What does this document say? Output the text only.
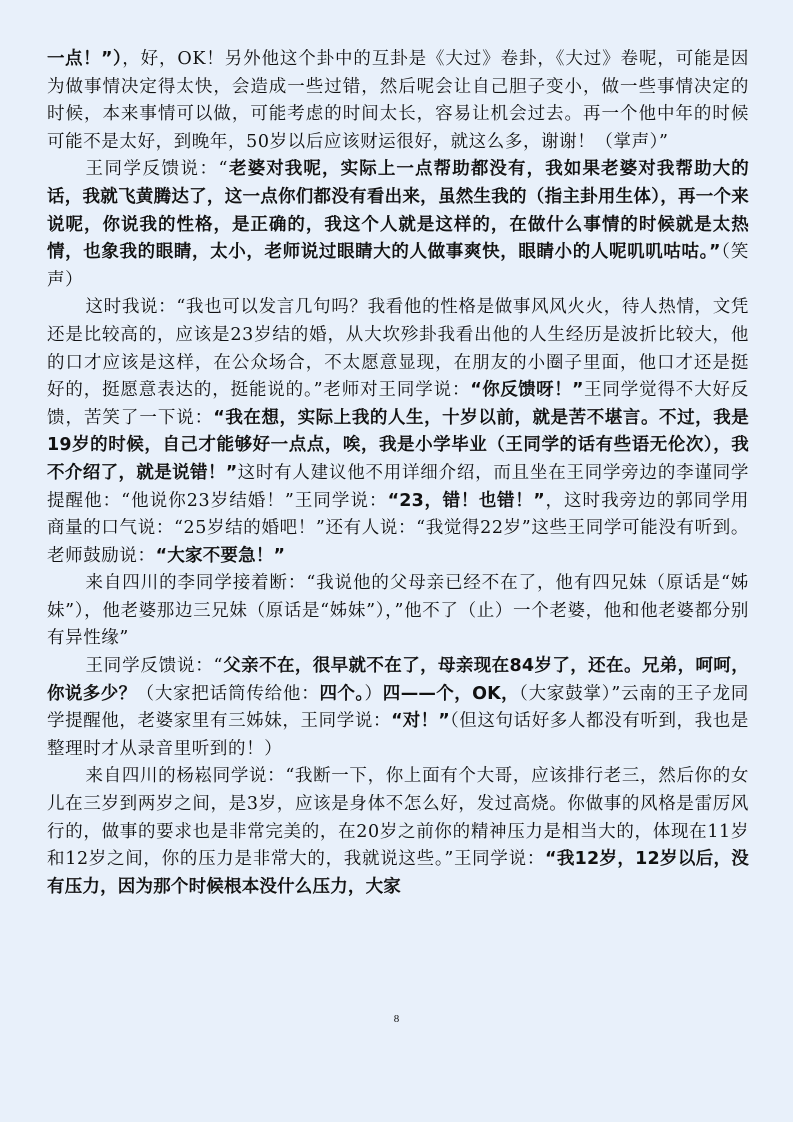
一点！”），好，OK！另外他这个卦中的互卦是《大过》卷卦，《大过》卷呢，可能是因为做事情决定得太快，会造成一些过错，然后呢会让自己胆子变小，做一些事情决定的时候，本来事情可以做，可能考虑的时间太长，容易让机会过去。再一个他中年的时候可能不是太好，到晚年，50岁以后应该财运很好，就这么多，谢谢！（掌声）”

王同学反馈说：“老婆对我呢，实际上一点帮助都没有，我如果老婆对我帮助大的话，我就飞黄腾达了，这一点你们都没有看出来，虽然生我的（指主卦用生体），再一个来说呢，你说我的性格，是正确的，我这个人就是这样的，在做什么事情的时候就是太热情，也象我的眼睛，太小，老师说过眼睛大的人做事爽快，眼睛小的人呢叽叽咕咕。”（笑声）

这时我说：“我也可以发言几句吗？我看他的性格是做事风风火火，待人热情，文凭还是比较高的，应该是23岁结的婚，从大坎殄卦我看出他的人生经历是波折比较大，他的口才应该是这样，在公众场合，不太愿意显现，在朋友的小圈子里面，他口才还是挺好的，挺愿意表达的，挺能说的。”老师对王同学说：“你反馈呀！”王同学觉得不大好反馈，苦笑了一下说：“我在想，实际上我的人生，十岁以前，就是苦不堪言。不过，我是19岁的时候，自己才能够好一点点，唉，我是小学毕业（王同学的话有些语无伦次），我不介绍了，就是说错！”这时有人建议他不用详细介绍，而且坐在王同学旁边的李谨同学提醒他：“他说你23岁结婚！”王同学说：“23，错！也错！”，这时我旁边的郭同学用商量的口气说：“25岁结的婚吧！”还有人说：“我觉得22岁”这些王同学可能没有听到。老师鼓励说：“大家不要急！”

来自四川的李同学接着断：“我说他的父母亲已经不在了，他有四兄妹（原话是“姊妹”），他老婆那边三兄妹（原话是“姊妹”），”他不了（止）一个老婆，他和他老婆都分别有异性缘”

王同学反馈说：“父亲不在，很早就不在了，母亲现在84岁了，还在。兄弟，呵呵，你说多少？（大家把话筒传给他：四个。）四——个，OK，（大家鼓掌）”云南的王子龙同学提醒他，老婆家里有三姊妹，王同学说：“对！”（但这句话好多人都没有听到，我也是整理时才从录音里听到的！）

来自四川的杨崧同学说：“我断一下，你上面有个大哥，应该排行老三，然后你的女儿在三岁到两岁之间，是3岁，应该是身体不怎么好，发过高烧。你做事的风格是雷厉风行的，做事的要求也是非常完美的，在20岁之前你的精神压力是相当大的，体现在11岁和12岁之间，你的压力是非常大的，我就说这些。”王同学说：“我12岁，12岁以后，没有压力，因为那个时候根本没什么压力，大家

8
